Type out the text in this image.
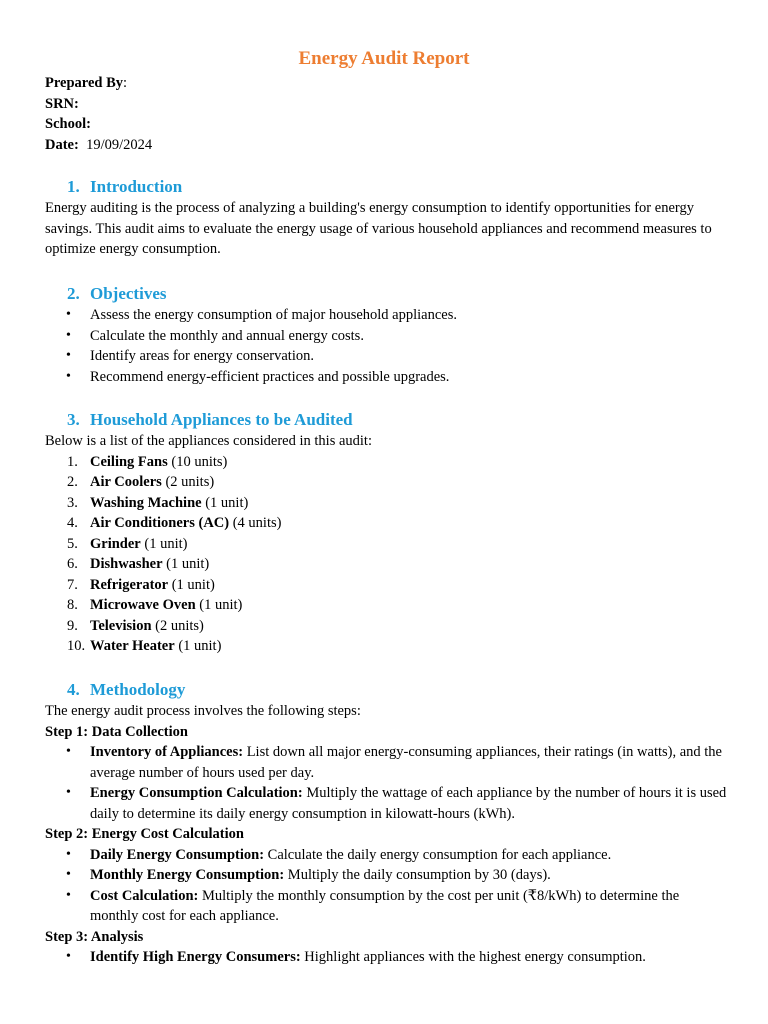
Energy Audit Report
Prepared By:
SRN:
School:
Date: 19/09/2024
1. Introduction

Energy auditing is the process of analyzing a building's energy consumption to identify opportunities for energy savings. This audit aims to evaluate the energy usage of various household appliances and recommend measures to optimize energy consumption.

2. Objectives
• Assess the energy consumption of major household appliances.
• Calculate the monthly and annual energy costs.
• Identify areas for energy conservation.
• Recommend energy-efficient practices and possible upgrades.
3. Household Appliances to be Audited

Below is a list of the appliances considered in this audit:

1. Ceiling Fans (10 units)
2. Air Coolers (2 units)
3. Washing Machine (1 unit)
4. Air Conditioners (AC) (4 units)
5. Grinder (1 unit)
6. Dishwasher (1 unit)
7. Refrigerator (1 unit)
8. Microwave Oven (1 unit)
9. Television (2 units)
10. Water Heater (1 unit)
4. Methodology

The energy audit process involves the following steps:

Step 1: Data Collection

• Inventory of Appliances: List down all major energy-consuming appliances, their ratings (in watts), and the average number of hours used per day.
• Energy Consumption Calculation: Multiply the wattage of each appliance by the number of hours it is used daily to determine its daily energy consumption in kilowatt-hours (kWh).

Step 2: Energy Cost Calculation

• Daily Energy Consumption: Calculate the daily energy consumption for each appliance.
• Monthly Energy Consumption: Multiply the daily consumption by 30 (days).
• Cost Calculation: Multiply the monthly consumption by the cost per unit (₹8/kWh) to determine the monthly cost for each appliance.

Step 3: Analysis

• Identify High Energy Consumers: Highlight appliances with the highest energy consumption.
